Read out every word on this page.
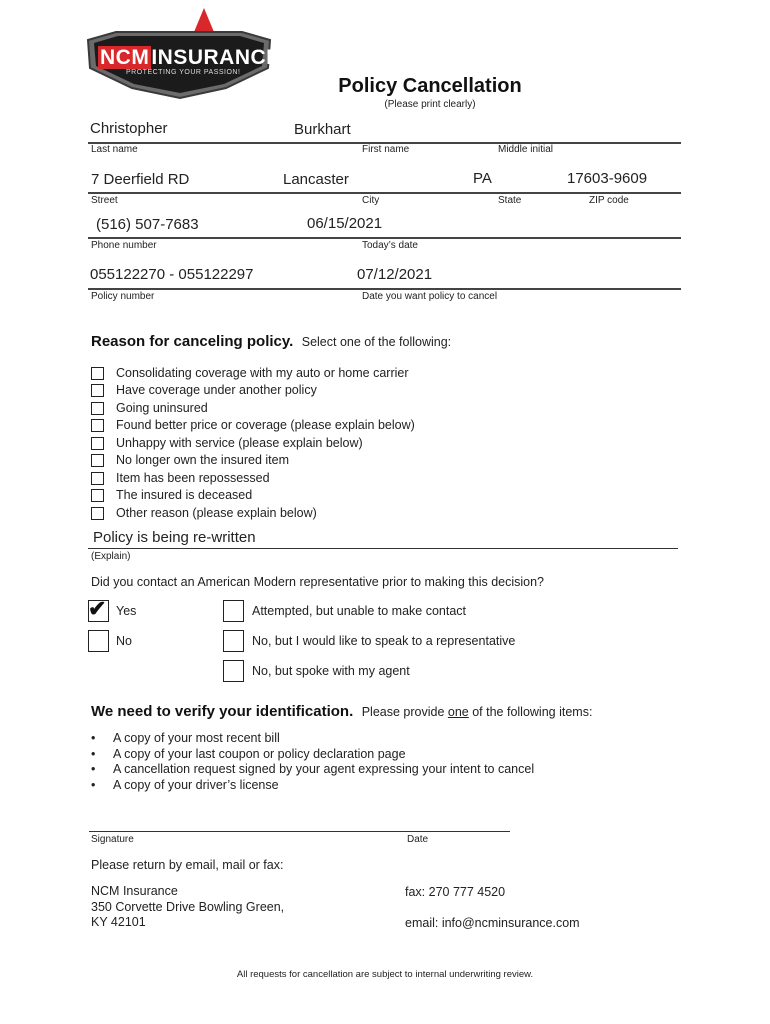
NCMINSURANCE
PROTECTING YOUR PASSION!
Policy Cancellation
(Please print clearly)
Christopher	Burkhart
Last name	First name	Middle initial
7 Deerfield RD	Lancaster	PA	17603-9609
Street	City	State	ZIP code
(516) 507-7683	06/15/2021
Phone number	Today’s date
055122270 - 055122297	07/12/2021
Policy number	Date you want policy to cancel
Reason for canceling policy. Select one of the following:
Consolidating coverage with my auto or home carrier
Have coverage under another policy
Going uninsured
Found better price or coverage (please explain below)
Unhappy with service (please explain below)
No longer own the insured item
Item has been repossessed
The insured is deceased
Other reason (please explain below)
Policy is being re-written
(Explain)
Did you contact an American Modern representative prior to making this decision?
✔ Yes
No
Attempted, but unable to make contact
No, but I would like to speak to a representative
No, but spoke with my agent
We need to verify your identification. Please provide one of the following items:
• A copy of your most recent bill
• A copy of your last coupon or policy declaration page
• A cancellation request signed by your agent expressing your intent to cancel
• A copy of your driver’s license
Signature	Date
Please return by email, mail or fax:
NCM Insurance
350 Corvette Drive Bowling Green,
KY 42101
fax: 270 777 4520
email: info@ncminsurance.com
All requests for cancellation are subject to internal underwriting review.
